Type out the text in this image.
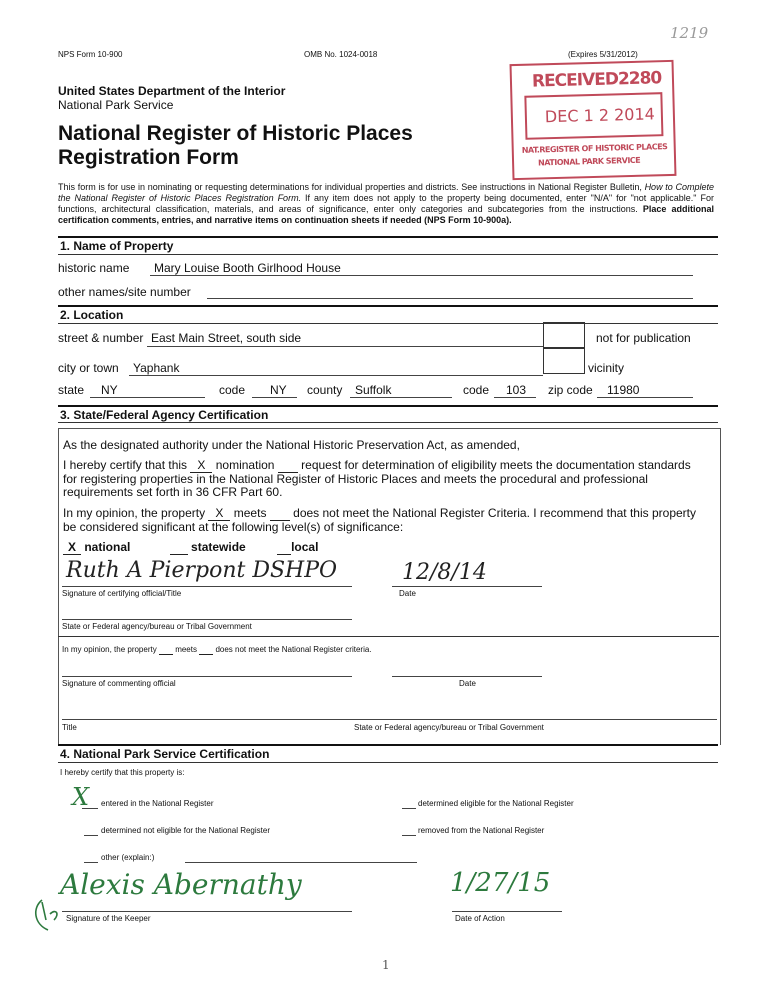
NPS Form 10-900	OMB No. 1024-0018	(Expires 5/31/2012)
1219
United States Department of the Interior
National Park Service
National Register of Historic Places
Registration Form
RECEIVED2280
DEC 1 2 2014
NAT.REGISTER OF HISTORIC PLACES
NATIONAL PARK SERVICE
This form is for use in nominating or requesting determinations for individual properties and districts. See instructions in National Register Bulletin, How to Complete the National Register of Historic Places Registration Form. If any item does not apply to the property being documented, enter "N/A" for "not applicable." For functions, architectural classification, materials, and areas of significance, enter only categories and subcategories from the instructions. Place additional certification comments, entries, and narrative items on continuation sheets if needed (NPS Form 10-900a).
1. Name of Property
historic name Mary Louise Booth Girlhood House
other names/site number
2. Location
street & number East Main Street, south side	not for publication
city or town Yaphank	vicinity
state NY	code NY county Suffolk	code 103 zip code 11980
3. State/Federal Agency Certification
As the designated authority under the National Historic Preservation Act, as amended,
I hereby certify that this X nomination request for determination of eligibility meets the documentation standards
for registering properties in the National Register of Historic Places and meets the procedural and professional
requirements set forth in 36 CFR Part 60.
In my opinion, the property X meets does not meet the National Register Criteria. I recommend that this property
be considered significant at the following level(s) of significance:
X national	statewide	local
Ruth A Pierpont DSHPO	12/8/14
Signature of certifying official/Title	Date
State or Federal agency/bureau or Tribal Government
In my opinion, the property meets does not meet the National Register criteria.
Signature of commenting official	Date
Title	State or Federal agency/bureau or Tribal Government
4. National Park Service Certification
I hereby certify that this property is:
X entered in the National Register	determined eligible for the National Register
determined not eligible for the National Register	removed from the National Register
other (explain:)
Alexis Abernathy	1/27/15
Signature of the Keeper	Date of Action
1
